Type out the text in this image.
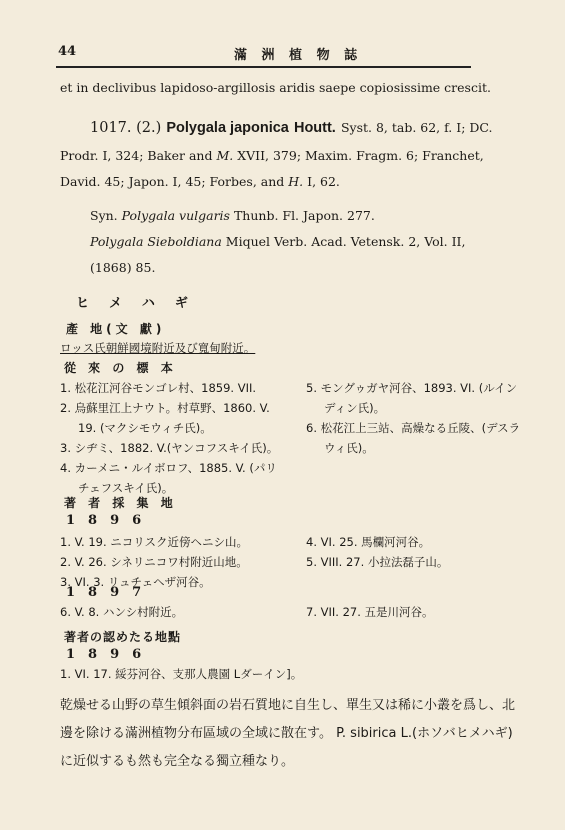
44	滿 洲 植 物 誌
et in declivibus lapidoso-argillosis aridis saepe copiosissime crescit.
1017. (2.) Polygala japonica Houtt. Syst. 8, tab. 62, f. I; DC.
Prodr. I, 324; Baker and M. XVII, 379; Maxim. Fragm. 6; Franchet,
David. 45; Japon. I, 45; Forbes, and H. I, 62.
Syn. Polygala vulgaris Thunb. Fl. Japon. 277.
Polygala Sieboldiana Miquel Verb. Acad. Vetensk. 2, Vol. II,
(1868) 85.
ヒメハギ
產 地(文 獻)
ロッス氏朝鮮國境附近及び寬甸附近。
從 來 の 標 本
1. 松花江河谷モンゴレ村、1859. VII.
2. 烏蘇里江上ナウト。村草野、1860. V.
19. (マクシモウィチ氏)。
3. シヂミ、1882. V.(ヤンコフスキイ氏)。
4. カーメニ・ルイボロフ、1885. V. (パリ
チェフスキイ氏)。
5. モングゥガヤ河谷、1893. VI. (ルイン
ディン氏)。
6. 松花江上三站、高燥なる丘陵、(デスラ
ウィ氏)。
著 者 採 集 地
1896
1. V. 19. ニコリスク近傍ヘニシ山。
2. V. 26. シネリニコワ村附近山地。
3. VI. 3. リュチェヘザ河谷。
4. VI. 25. 馬欄河河谷。
5. VIII. 27. 小拉法磊子山。
1897
6. V. 8. ハンシ村附近。	7. VII. 27. 五是川河谷。
著者の認めたる地點
1896
1. VI. 17. 綏芬河谷、支那人農園 Lダーイン]。
乾燥せる山野の草生傾斜面の岩石質地に自生し、單生又は稀に小叢を爲し、北
邊を除ける滿洲植物分布區域の全域に散在す。 P. sibirica L.(ホソバヒメハギ)
に近似するも然も完全なる獨立種なり。
